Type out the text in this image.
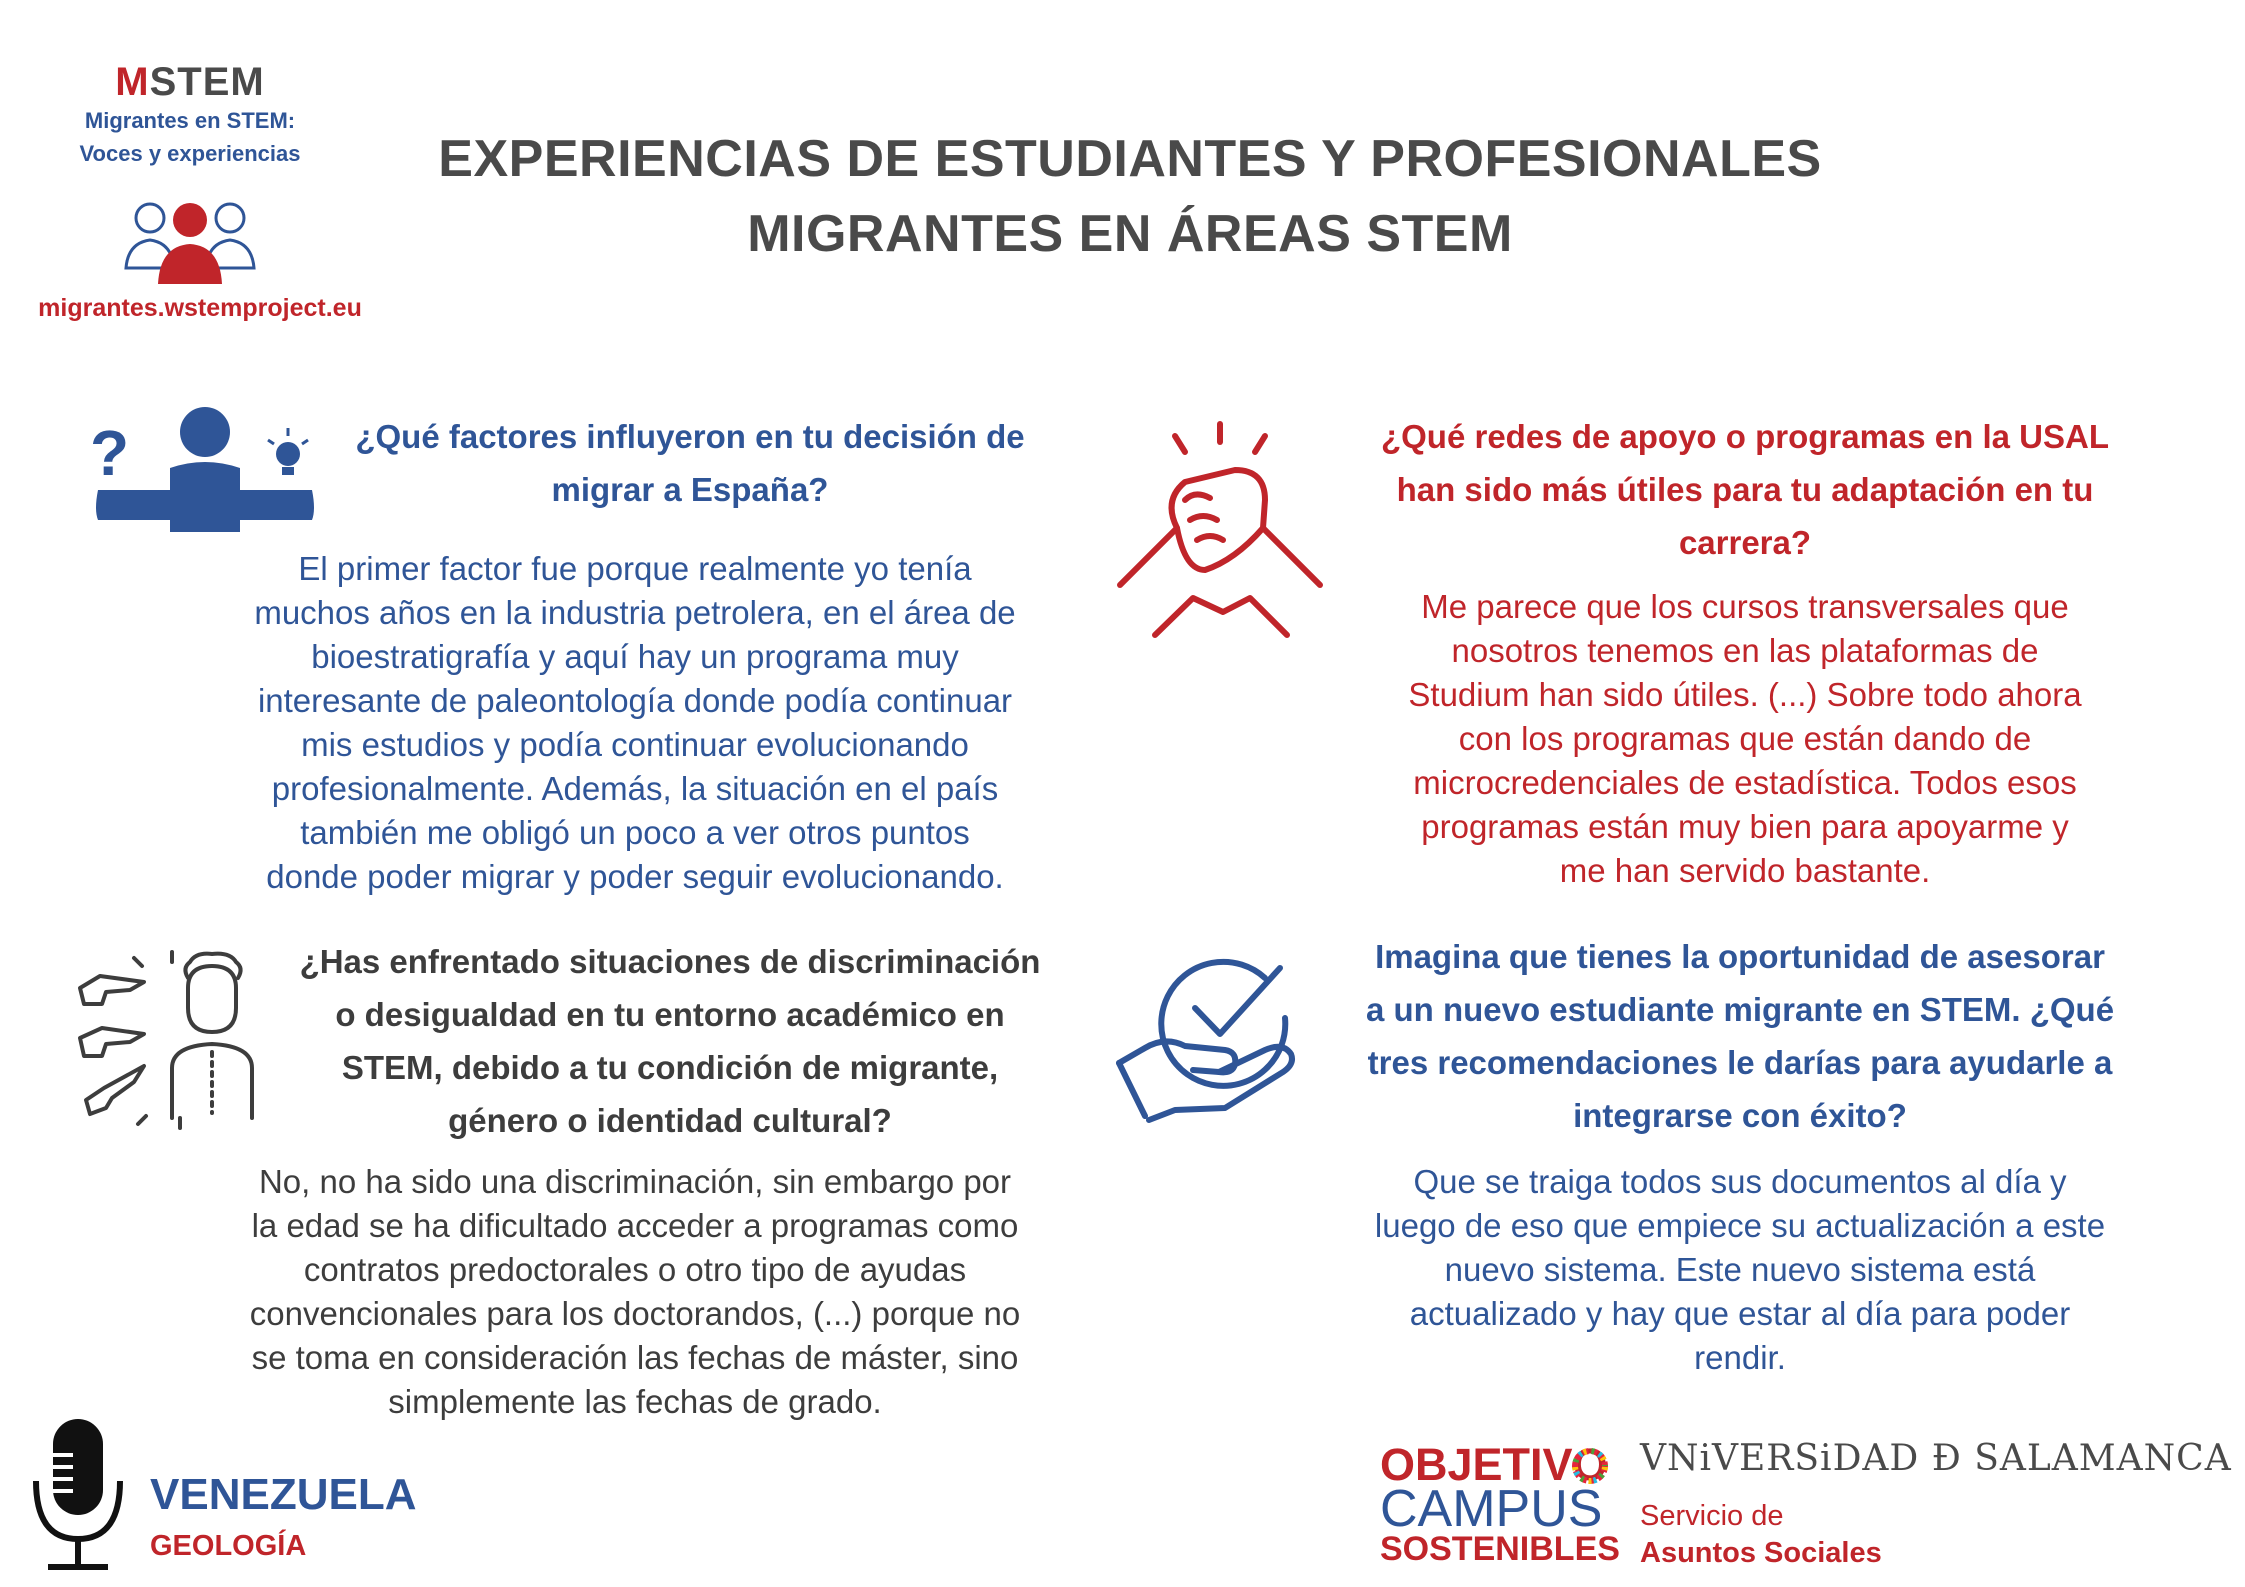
MSTEM
Migrantes en STEM:
Voces y experiencias
migrantes.wstemproject.eu
EXPERIENCIAS DE ESTUDIANTES Y PROFESIONALES
MIGRANTES EN ÁREAS STEM
?	¿Qué factores influyeron en tu decisión de
migrar a España?
El primer factor fue porque realmente yo tenía
muchos años en la industria petrolera, en el área de
bioestratigrafía y aquí hay un programa muy
interesante de paleontología donde podía continuar
mis estudios y podía continuar evolucionando
profesionalmente. Además, la situación en el país
también me obligó un poco a ver otros puntos
donde poder migrar y poder seguir evolucionando.
¿Qué redes de apoyo o programas en la USAL
han sido más útiles para tu adaptación en tu
carrera?
Me parece que los cursos transversales que
nosotros tenemos en las plataformas de
Studium han sido útiles. (...) Sobre todo ahora
con los programas que están dando de
microcredenciales de estadística. Todos esos
programas están muy bien para apoyarme y
me han servido bastante.
¿Has enfrentado situaciones de discriminación
o desigualdad en tu entorno académico en
STEM, debido a tu condición de migrante,
género o identidad cultural?
No, no ha sido una discriminación, sin embargo por
la edad se ha dificultado acceder a programas como
contratos predoctorales o otro tipo de ayudas
convencionales para los doctorandos, (...) porque no
se toma en consideración las fechas de máster, sino
simplemente las fechas de grado.
Imagina que tienes la oportunidad de asesorar
a un nuevo estudiante migrante en STEM. ¿Qué
tres recomendaciones le darías para ayudarle a
integrarse con éxito?
Que se traiga todos sus documentos al día y
luego de eso que empiece su actualización a este
nuevo sistema. Este nuevo sistema está
actualizado y hay que estar al día para poder
rendir.
VENEZUELA
GEOLOGÍA
OBJETIVO
CAMPUS
SOSTENIBLES
VNiVERSiDAD Ð SALAMANCA
Servicio de
Asuntos Sociales
